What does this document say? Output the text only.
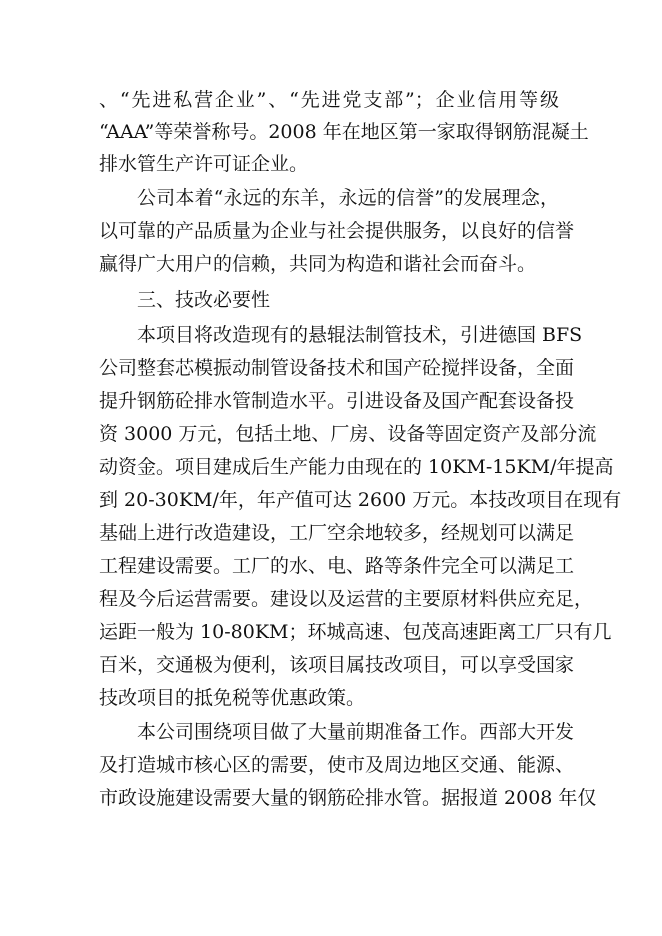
、“先进私营企业”、“先进党支部”；企业信用等级
“AAA”等荣誉称号。2008 年在地区第一家取得钢筋混凝土
排水管生产许可证企业。
公司本着“永远的东羊，永远的信誉”的发展理念，
以可靠的产品质量为企业与社会提供服务，以良好的信誉
赢得广大用户的信赖，共同为构造和谐社会而奋斗。
三、技改必要性
本项目将改造现有的悬辊法制管技术，引进德国 BFS
公司整套芯模振动制管设备技术和国产砼搅拌设备，全面
提升钢筋砼排水管制造水平。引进设备及国产配套设备投
资 3000 万元，包括土地、厂房、设备等固定资产及部分流
动资金。项目建成后生产能力由现在的 10KM-15KM/年提高
到 20-30KM/年，年产值可达 2600 万元。本技改项目在现有
基础上进行改造建设，工厂空余地较多，经规划可以满足
工程建设需要。工厂的水、电、路等条件完全可以满足工
程及今后运营需要。建设以及运营的主要原材料供应充足，
运距一般为 10-80KM；环城高速、包茂高速距离工厂只有几
百米，交通极为便利，该项目属技改项目，可以享受国家
技改项目的抵免税等优惠政策。
本公司围绕项目做了大量前期准备工作。西部大开发
及打造城市核心区的需要，使市及周边地区交通、能源、
市政设施建设需要大量的钢筋砼排水管。据报道 2008 年仅
